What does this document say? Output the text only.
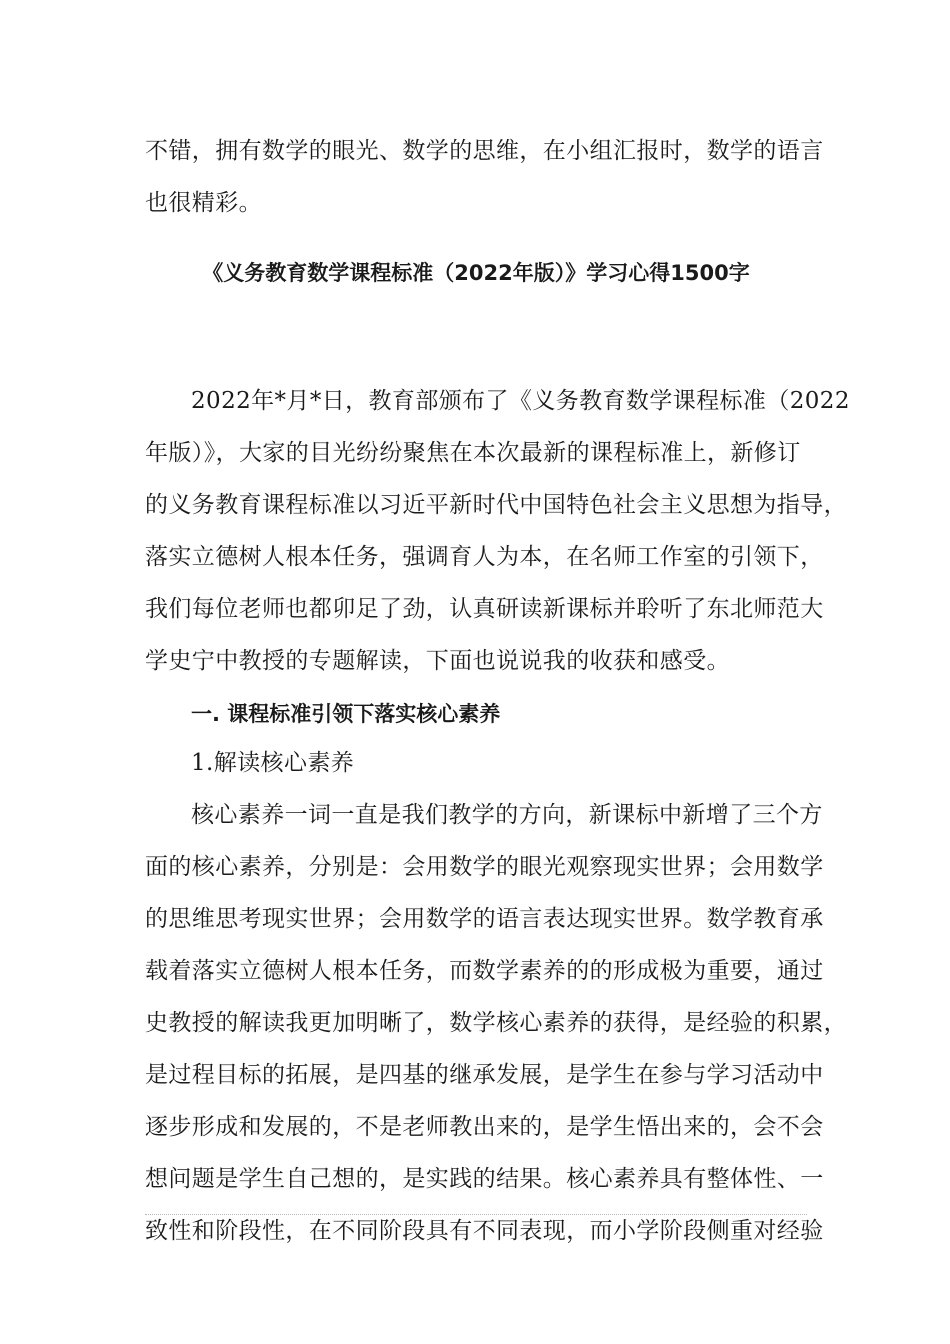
不错，拥有数学的眼光、数学的思维，在小组汇报时，数学的语言
也很精彩。
《义务教育数学课程标准（2022年版）》学习心得1500字
2022年*月*日，教育部颁布了《义务教育数学课程标准（2022
年版）》，大家的目光纷纷聚焦在本次最新的课程标准上，新修订
的义务教育课程标准以习近平新时代中国特色社会主义思想为指导，
落实立德树人根本任务，强调育人为本，在名师工作室的引领下，
我们每位老师也都卯足了劲，认真研读新课标并聆听了东北师范大
学史宁中教授的专题解读，下面也说说我的收获和感受。
一. 课程标准引领下落实核心素养
1.解读核心素养
核心素养一词一直是我们教学的方向，新课标中新增了三个方
面的核心素养，分别是：会用数学的眼光观察现实世界；会用数学
的思维思考现实世界；会用数学的语言表达现实世界。数学教育承
载着落实立德树人根本任务，而数学素养的的形成极为重要，通过
史教授的解读我更加明晰了，数学核心素养的获得，是经验的积累，
是过程目标的拓展，是四基的继承发展，是学生在参与学习活动中
逐步形成和发展的，不是老师教出来的，是学生悟出来的，会不会
想问题是学生自己想的，是实践的结果。核心素养具有整体性、一
致性和阶段性，在不同阶段具有不同表现，而小学阶段侧重对经验
